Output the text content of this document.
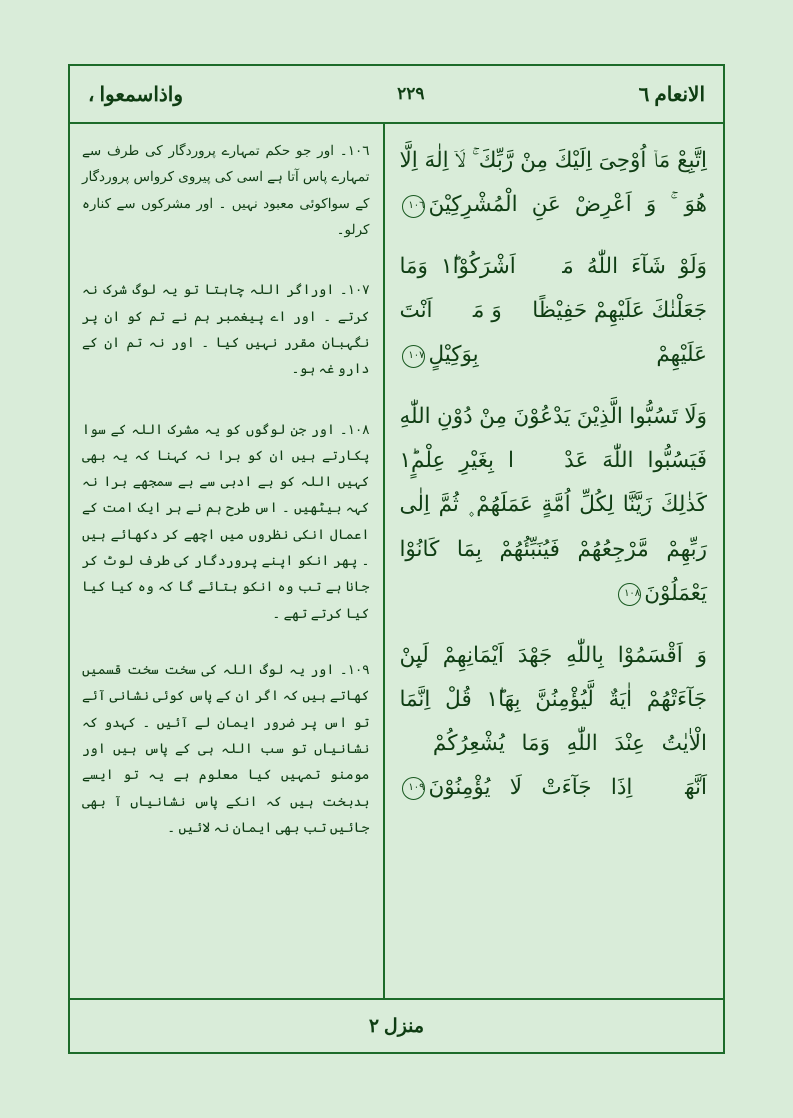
الانعام ٦
٢٢٩
واذاسمعوا ،
اِتَّبِعْ مَاۤ اُوْحِىَ اِلَيْكَ مِنْ رَّبِّكَ ۚ لَاۤ اِلٰهَ اِلَّا هُوَ ۚ وَ اَعْرِضْ عَنِ الْمُشْرِكِيْنَ١٠٦
وَلَوْ شَآءَ اللّٰهُ مَاۤ اَشْرَكُوْا١ؕ وَمَا جَعَلْنٰكَ عَلَيْهِمْ حَفِيْظًا ۚ وَ مَاۤ اَنْتَ عَلَيْهِمْ بِوَكِيْلٍ١٠٧
وَلَا تَسُبُّوا الَّذِيْنَ يَدْعُوْنَ مِنْ دُوْنِ اللّٰهِ فَيَسُبُّوا اللّٰهَ عَدْوًۢا بِغَيْرِ عِلْمٍ١ؕ كَذٰلِكَ زَيَّنَّا لِكُلِّ اُمَّةٍ عَمَلَهُمْ ۪ ثُمَّ اِلٰى رَبِّهِمْ مَّرْجِعُهُمْ فَيُنَبِّئُهُمْ بِمَا كَانُوْا يَعْمَلُوْنَ١٠٨
وَ اَقْسَمُوْا بِاللّٰهِ جَهْدَ اَيْمَانِهِمْ لَىِٕنْ جَآءَتْهُمْ اٰيَةٌ لَّيُؤْمِنُنَّ بِهَا١ؕ قُلْ اِنَّمَا الْاٰيٰتُ عِنْدَ اللّٰهِ وَمَا يُشْعِرُكُمْ١ۙ اَنَّهَاۤ اِذَا جَآءَتْ لَا يُؤْمِنُوْنَ١٠٩

١٠٦۔ اور جو حکم تمہارے پروردگار کی طرف سے تمہارے پاس آتا ہے اسی کی پیروی کرواس پروردگار کے سواکوئی معبود نہیں ۔ اور مشرکوں سے کنارہ کرلو۔

١٠٧۔ اوراگر اللہ چاہتا تو یہ لوگ شرک نہ کرتے ۔ اور اے پیغمبر ہم نے تم کو ان پر نگہبان مقرر نہیں کیا ۔ اور نہ تم ان کے دارو غہ ہو۔

١٠٨۔ اور جن لوگوں کو یہ مشرک اللہ کے سوا پکارتے ہیں ان کو برا نہ کہنا کہ یہ بھی کہیں اللہ کو بے ادبی سے بے سمجھے برا نہ کہہ بیٹھیں ۔ اس طرح ہم نے ہر ایک امت کے اعمال انکی نظروں میں اچھے کر دکھائے ہیں ۔ پھر انکو اپنے پروردگار کی طرف لوٹ کر جانا ہے تب وہ انکو بتائے گا کہ وہ کیا کیا کیا کرتے تھے ۔

١٠٩۔ اور یہ لوگ اللہ کی سخت سخت قسمیں کھاتے ہیں کہ اگر ان کے پاس کوئی نشانی آئے تو اس پر ضرور ایمان لے آئیں ۔ کہدو کہ نشانیاں تو سب اللہ ہی کے پاس ہیں اور مومنو تمہیں کیا معلوم ہے یہ تو ایسے بدبخت ہیں کہ انکے پاس نشانیاں آ بھی جائیں تب بھی ایمان نہ لائیں ۔

منزل ٢
